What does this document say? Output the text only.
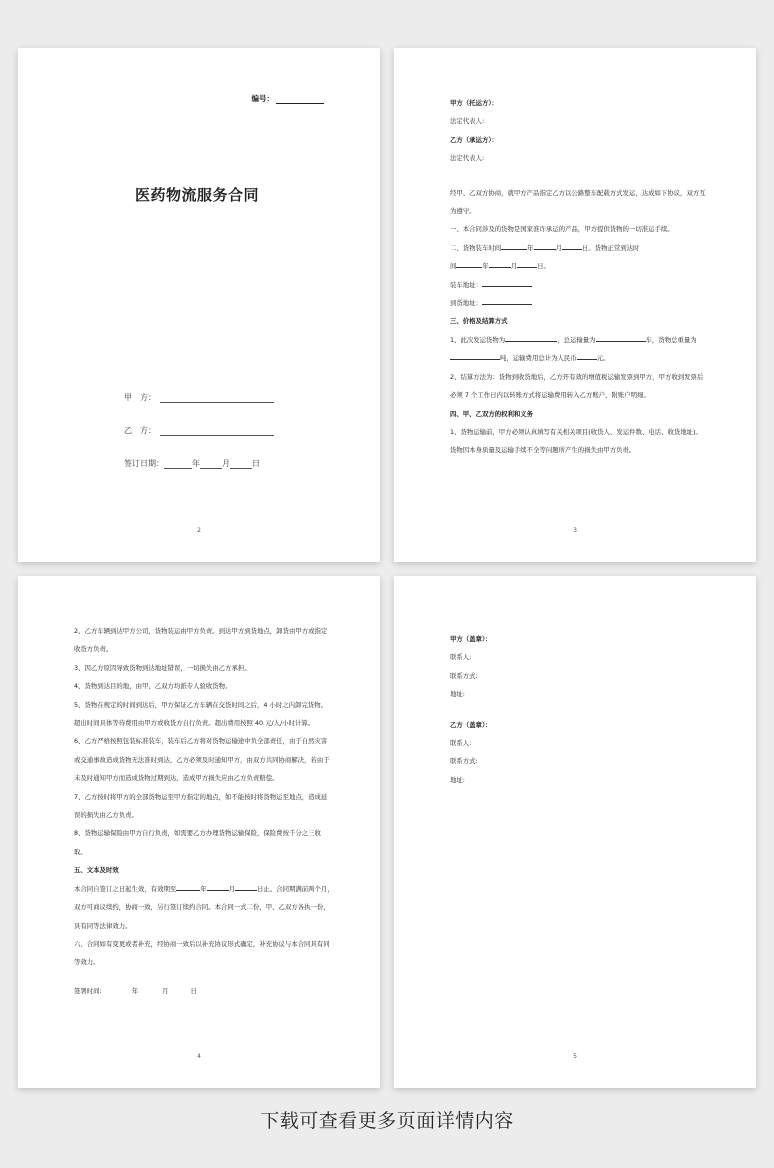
编号：
医药物流服务合同
甲　方：
乙　方：
签订日期：	年	月	日
2

甲方（托运方）：

法定代表人:

乙方（承运方）：

法定代表人:

经甲、乙双方协商，就甲方产品指定乙方以公路整车配载方式发运，达成如下协议，双方互为遵守。

一、本合同涉及的货物是国家准许承运的产品，甲方提供货物的一切准运手续。

二、货物装车时间	年	月	日。货物正常到达时

间	年	月	日。

装车地址：

到货地址：

三、价格及结算方式

1、此次发运货物为	，总运输量为	车，货物总重量为吨，运输费用总计为人民币	元。

2、结算方法为：货物到收货地后，乙方开有效的增值税运输发票到甲方，甲方收到发票后必须 7 个工作日内以转账方式将运输费用转入乙方账户，附账户明细。

四、甲、乙双方的权利和义务

1、货物运输前，甲方必须认真填写有关相关项目(收货人、发运件数、电话、收货地址)。货物因本身质量及运输手续不全等问题所产生的损失由甲方负责。

3

2、乙方车辆到达甲方公司，货物装运由甲方负责。到达甲方到货地点，卸货由甲方或指定收货方负责。

3、因乙方原因导致货物到达地址错误，一切损失由乙方承担。

4、货物到达目的地，由甲、乙双方均派专人验收货物。

5、货物在规定的时间到达后，甲方保证乙方车辆在交货时间之后，4 小时之内卸完货物。超出时间具体等待费用由甲方或收货方自行负责。超出费用按照 40 元/人/小时计算。

6、乙方严格按照包装标准装车，装车后乙方将对货物运输途中负全部责任，由于自然灾害或交通事故造成货物无法准时到达，乙方必须及时通知甲方，由双方共同协商解决，若由于未及时通知甲方而造成货物过期到达，造成甲方损失应由乙方负责赔偿。

7、乙方按时将甲方的全部货物运至甲方指定的地点，如不能按时将货物运至地点，造成延误的损失由乙方负责。

8、货物运输保险由甲方自行负责，如需要乙方办理货物运输保险，保险费按千分之三收取。

五、文本及时效

本合同自签订之日起生效，有效期至	年	月	日止。合同期满前两个月，　双方可商议续约，协商一致，另行签订续约合同。本合同一式二份，甲、乙双方各执一份，具有同等法律效力。

六、合同如有变更或者补充，经协商一致后以补充协议形式确定，补充协议与本合同具有同等效力。

签署时间:	年	月	日

4

甲方（盖章）：

联系人:

联系方式:

地址:

乙方（盖章）：

联系人:

联系方式:

地址:

5
下载可查看更多页面详情内容
